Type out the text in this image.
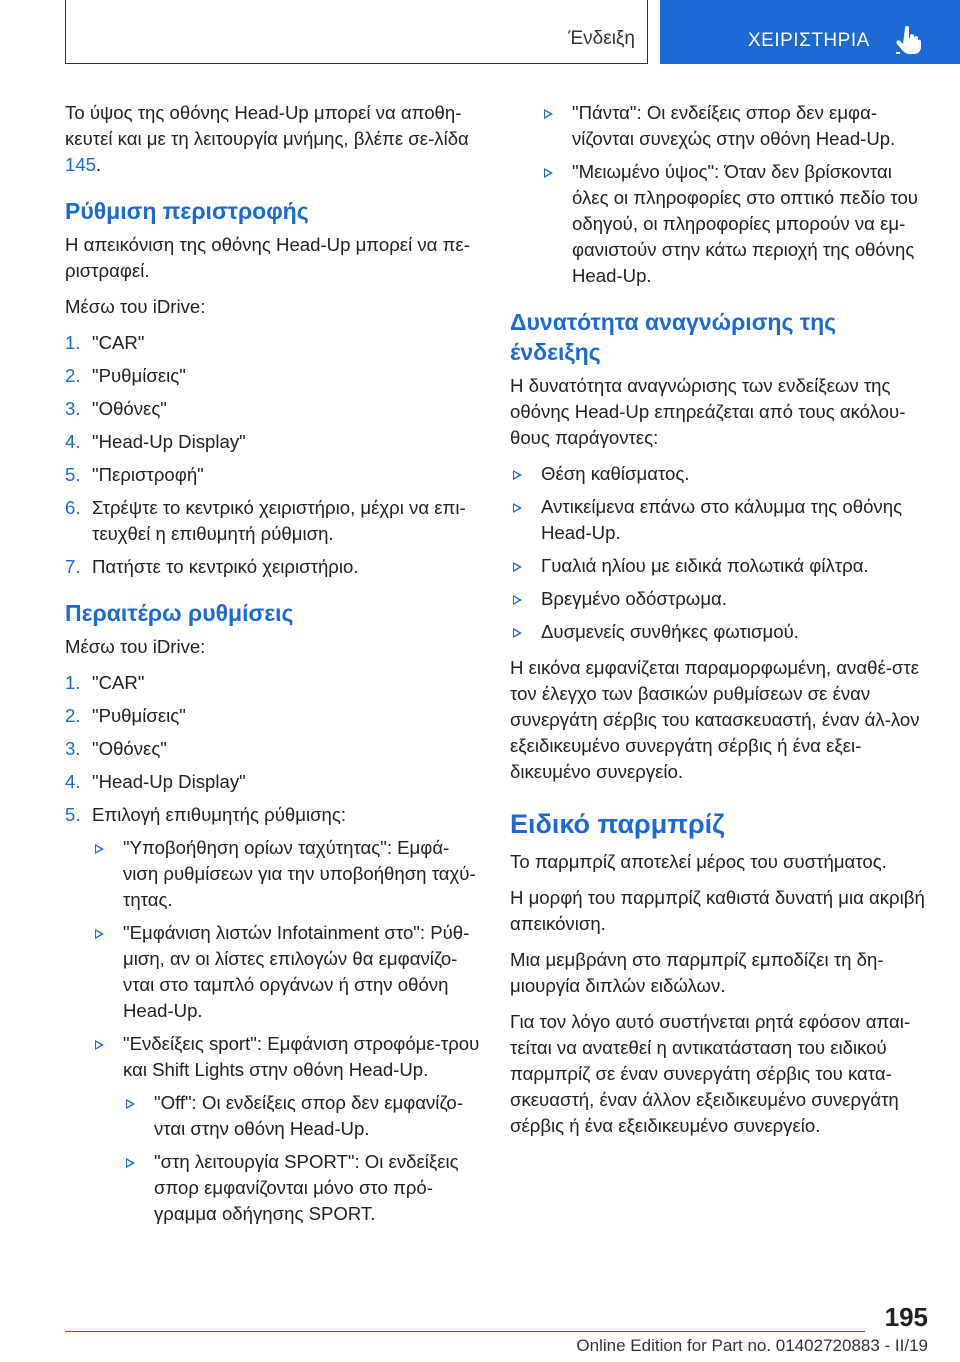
Ένδειξη	ΧΕΙΡΙΣΤΗΡΙΑ

Το ύψος της οθόνης Head-Up μπορεί να αποθη-κευτεί και με τη λειτουργία μνήμης, βλέπε σε-λίδα 145.

Ρύθμιση περιστροφής

Η απεικόνιση της οθόνης Head-Up μπορεί να πε-ριστραφεί.

Μέσω του iDrive:

1. "CAR"
2. "Ρυθμίσεις"
3. "Οθόνες"
4. "Head-Up Display"
5. "Περιστροφή"
6. Στρέψτε το κεντρικό χειριστήριο, μέχρι να επι-τευχθεί η επιθυμητή ρύθμιση.
7. Πατήστε το κεντρικό χειριστήριο.
Περαιτέρω ρυθμίσεις

Μέσω του iDrive:

1. "CAR"
2. "Ρυθμίσεις"
3. "Οθόνες"
4. "Head-Up Display"
5. Επιλογή επιθυμητής ρύθμισης:
"Υποβοήθηση ορίων ταχύτητας": Εμφά-νιση ρυθμίσεων για την υποβοήθηση ταχύ-τητας.
"Εμφάνιση λιστών Infotainment στο": Ρύθ-μιση, αν οι λίστες επιλογών θα εμφανίζο-νται στο ταμπλό οργάνων ή στην οθόνη Head-Up.
"Ενδείξεις sport": Εμφάνιση στροφόμε-τρου και Shift Lights στην οθόνη Head-Up.
"Off": Οι ενδείξεις σπορ δεν εμφανίζο-νται στην οθόνη Head-Up.
"στη λειτουργία SPORT": Οι ενδείξεις σπορ εμφανίζονται μόνο στο πρό-γραμμα οδήγησης SPORT.
"Πάντα": Οι ενδείξεις σπορ δεν εμφα-νίζονται συνεχώς στην οθόνη Head-Up.
"Μειωμένο ύψος": Όταν δεν βρίσκονται όλες οι πληροφορίες στο οπτικό πεδίο του οδηγού, οι πληροφορίες μπορούν να εμ-φανιστούν στην κάτω περιοχή της οθόνης Head-Up.
Δυνατότητα αναγνώρισης της ένδειξης

Η δυνατότητα αναγνώρισης των ενδείξεων της οθόνης Head-Up επηρεάζεται από τους ακόλου-θους παράγοντες:

Θέση καθίσματος.
Αντικείμενα επάνω στο κάλυμμα της οθόνης Head-Up.
Γυαλιά ηλίου με ειδικά πολωτικά φίλτρα.
Βρεγμένο οδόστρωμα.
Δυσμενείς συνθήκες φωτισμού.

Η εικόνα εμφανίζεται παραμορφωμένη, αναθέ-στε τον έλεγχο των βασικών ρυθμίσεων σε έναν συνεργάτη σέρβις του κατασκευαστή, έναν άλ-λον εξειδικευμένο συνεργάτη σέρβις ή ένα εξει-δικευμένο συνεργείο.

Ειδικό παρμπρίζ

Το παρμπρίζ αποτελεί μέρος του συστήματος.

Η μορφή του παρμπρίζ καθιστά δυνατή μια ακριβή απεικόνιση.

Μια μεμβράνη στο παρμπρίζ εμποδίζει τη δη-μιουργία διπλών ειδώλων.

Για τον λόγο αυτό συστήνεται ρητά εφόσον απαι-τείται να ανατεθεί η αντικατάσταση του ειδικού παρμπρίζ σε έναν συνεργάτη σέρβις του κατα-σκευαστή, έναν άλλον εξειδικευμένο συνεργάτη σέρβις ή ένα εξειδικευμένο συνεργείο.

195
Online Edition for Part no. 01402720883 - II/19
